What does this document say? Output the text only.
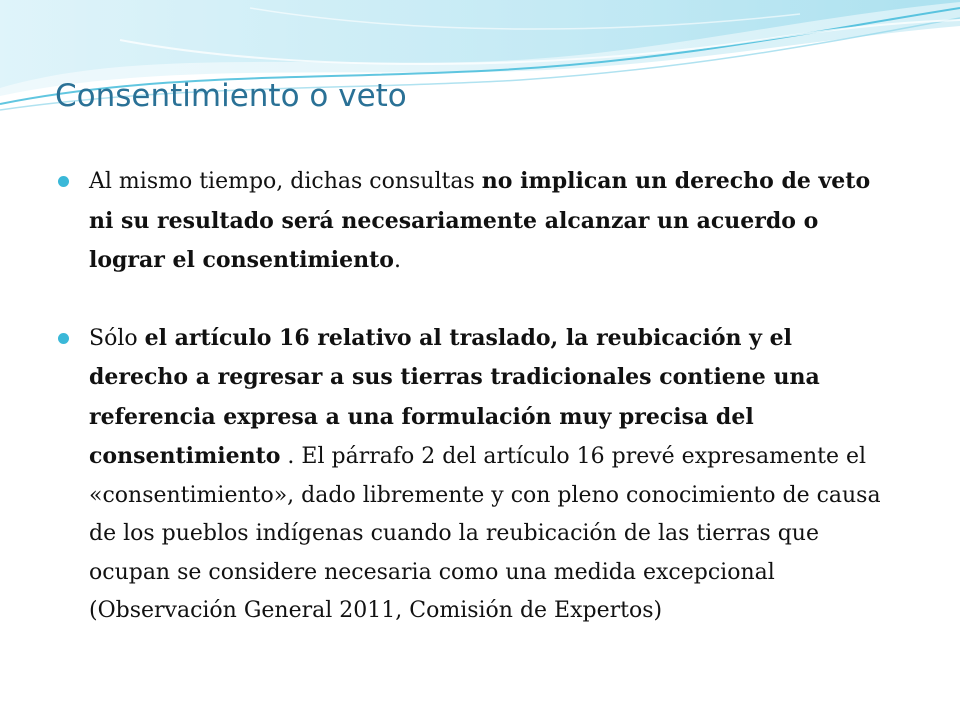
Consentimiento o veto
Al mismo tiempo, dichas consultas no implican un derecho de veto ni su resultado será necesariamente alcanzar un acuerdo o lograr el consentimiento.
Sólo el artículo 16 relativo al traslado, la reubicación y el derecho a regresar a sus tierras tradicionales contiene una referencia expresa a una formulación muy precisa del consentimiento . El párrafo 2 del artículo 16 prevé expresamente el «consentimiento», dado libremente y con pleno conocimiento de causa de los pueblos indígenas cuando la reubicación de las tierras que ocupan se considere necesaria como una medida excepcional (Observación General 2011, Comisión de Expertos)
